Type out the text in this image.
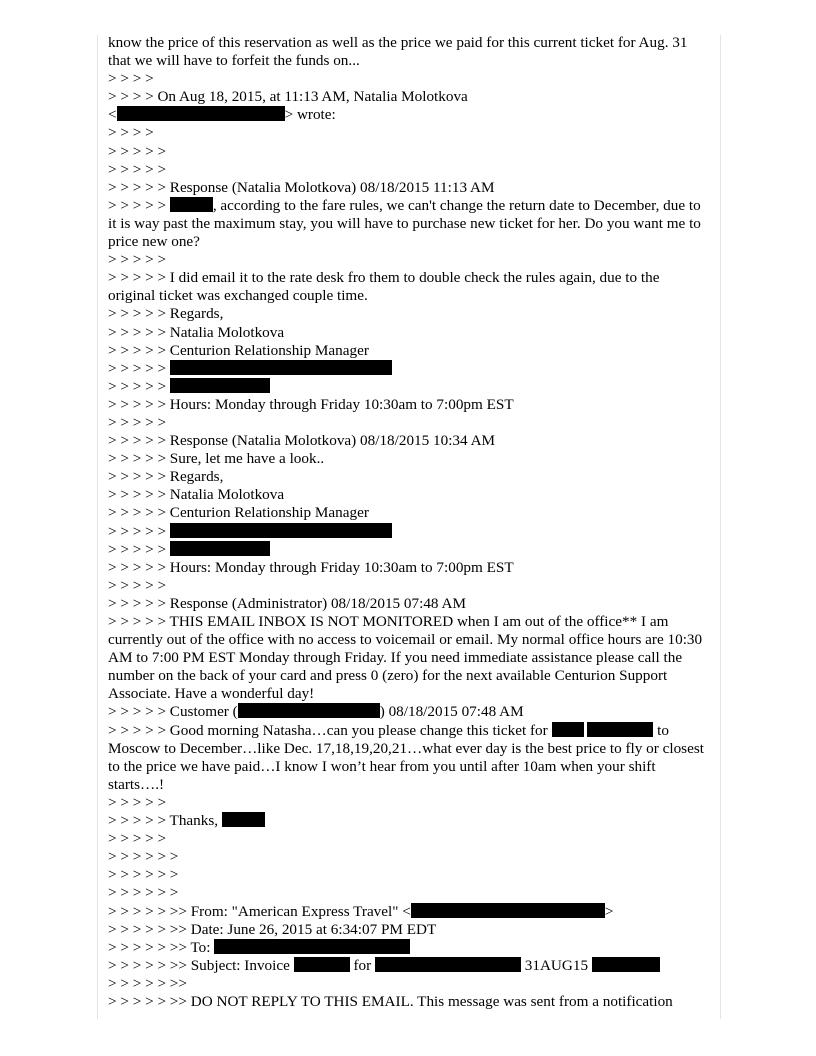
know the price of this reservation as well as the price we paid for this current ticket for Aug. 31 that we will have to forfeit the funds on...
> > > >
> > > > On Aug 18, 2015, at 11:13 AM, Natalia Molotkova
<	> wrote:
> > > >
> > > > >
> > > > >
> > > > > Response (Natalia Molotkova) 08/18/2015 11:13 AM
> > > > >	, according to the fare rules, we can't change the return date to December, due to it is way past the maximum stay, you will have to purchase new ticket for her. Do you want me to price new one?
> > > > >
> > > > > I did email it to the rate desk fro them to double check the rules again, due to the original ticket was exchanged couple time.
> > > > > Regards,
> > > > > Natalia Molotkova
> > > > > Centurion Relationship Manager
> > > > >
> > > > >
> > > > > Hours: Monday through Friday 10:30am to 7:00pm EST
> > > > >
> > > > > Response (Natalia Molotkova) 08/18/2015 10:34 AM
> > > > > Sure, let me have a look..
> > > > > Regards,
> > > > > Natalia Molotkova
> > > > > Centurion Relationship Manager
> > > > >
> > > > >
> > > > > Hours: Monday through Friday 10:30am to 7:00pm EST
> > > > >
> > > > > Response (Administrator) 08/18/2015 07:48 AM
> > > > > THIS EMAIL INBOX IS NOT MONITORED when I am out of the office** I am currently out of the office with no access to voicemail or email. My normal office hours are 10:30 AM to 7:00 PM EST Monday through Friday. If you need immediate assistance please call the number on the back of your card and press 0 (zero) for the next available Centurion Support Associate. Have a wonderful day!
> > > > > Customer (	) 08/18/2015 07:48 AM
> > > > > Good morning Natasha…can you please change this ticket for	to Moscow to December…like Dec. 17,18,19,20,21…what ever day is the best price to fly or closest to the price we have paid…I know I won’t hear from you until after 10am when your shift starts….!
> > > > >
> > > > > Thanks,
> > > > >
> > > > > >
> > > > > >
> > > > > >
> > > > > >> From: "American Express Travel" <	>
> > > > > >> Date: June 26, 2015 at 6:34:07 PM EDT
> > > > > >> To:
> > > > > >> Subject: Invoice	for	31AUG15
> > > > > >>
> > > > > >> DO NOT REPLY TO THIS EMAIL. This message was sent from a notification
